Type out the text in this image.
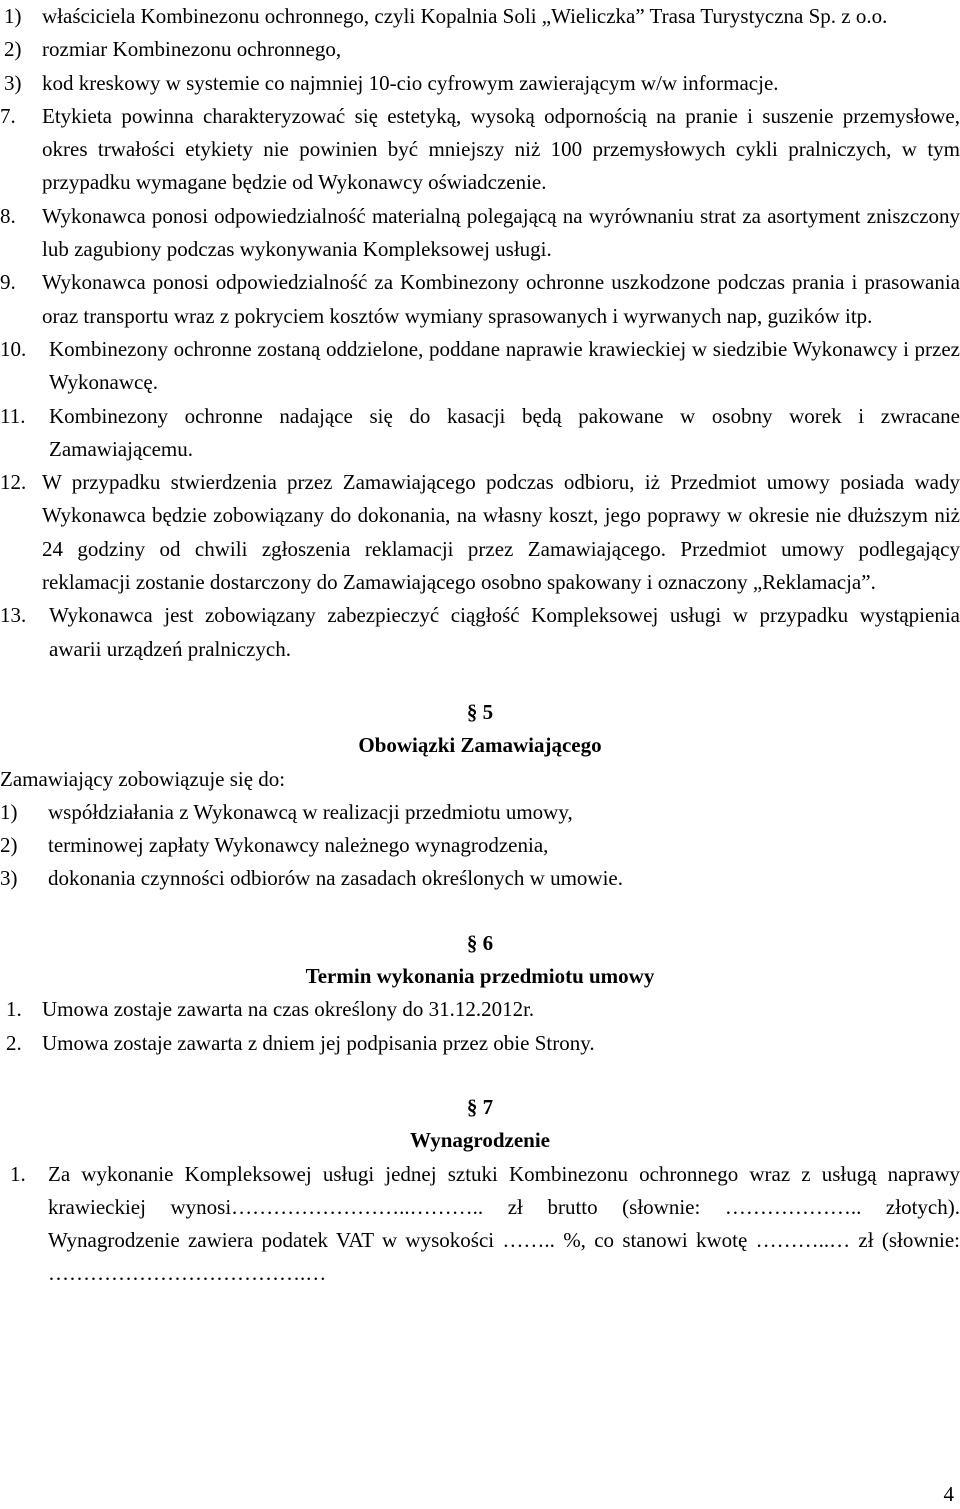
1) właściciela Kombinezonu ochronnego, czyli Kopalnia Soli „Wieliczka” Trasa Turystyczna Sp. z o.o.
2) rozmiar Kombinezonu ochronnego,
3) kod kreskowy w systemie co najmniej 10-cio cyfrowym zawierającym w/w informacje.
7. Etykieta powinna charakteryzować się estetyką, wysoką odpornością na pranie i suszenie przemysłowe, okres trwałości etykiety nie powinien być mniejszy niż 100 przemysłowych cykli pralniczych, w tym przypadku wymagane będzie od Wykonawcy oświadczenie.
8. Wykonawca ponosi odpowiedzialność materialną polegającą na wyrównaniu strat za asortyment zniszczony lub zagubiony podczas wykonywania Kompleksowej usługi.
9. Wykonawca ponosi odpowiedzialność za Kombinezony ochronne uszkodzone podczas prania i prasowania oraz transportu wraz z pokryciem kosztów wymiany sprasowanych i wyrwanych nap, guzików itp.
10. Kombinezony ochronne zostaną oddzielone, poddane naprawie krawieckiej w siedzibie Wykonawcy i przez Wykonawcę.
11. Kombinezony ochronne nadające się do kasacji będą pakowane w osobny worek i zwracane Zamawiającemu.
12. W przypadku stwierdzenia przez Zamawiającego podczas odbioru, iż Przedmiot umowy posiada wady Wykonawca będzie zobowiązany do dokonania, na własny koszt, jego poprawy w okresie nie dłuższym niż 24 godziny od chwili zgłoszenia reklamacji przez Zamawiającego. Przedmiot umowy podlegający reklamacji zostanie dostarczony do Zamawiającego osobno spakowany i oznaczony „Reklamacja”.
13. Wykonawca jest zobowiązany zabezpieczyć ciągłość Kompleksowej usługi w przypadku wystąpienia awarii urządzeń pralniczych.
§ 5
Obowiązki Zamawiającego
Zamawiający zobowiązuje się do:
1) współdziałania z Wykonawcą w realizacji przedmiotu umowy,
2) terminowej zapłaty Wykonawcy należnego wynagrodzenia,
3) dokonania czynności odbiorów na zasadach określonych w umowie.
§ 6
Termin wykonania przedmiotu umowy
1. Umowa zostaje zawarta na czas określony do 31.12.2012r.
2. Umowa zostaje zawarta z dniem jej podpisania przez obie Strony.
§ 7
Wynagrodzenie
1. Za wykonanie Kompleksowej usługi jednej sztuki Kombinezonu ochronnego wraz z usługą naprawy krawieckiej wynosi……………………..……….. zł brutto (słownie: ……………….. złotych). Wynagrodzenie zawiera podatek VAT w wysokości …….. %, co stanowi kwotę ………..… zł (słownie: ……………………………….…
4
